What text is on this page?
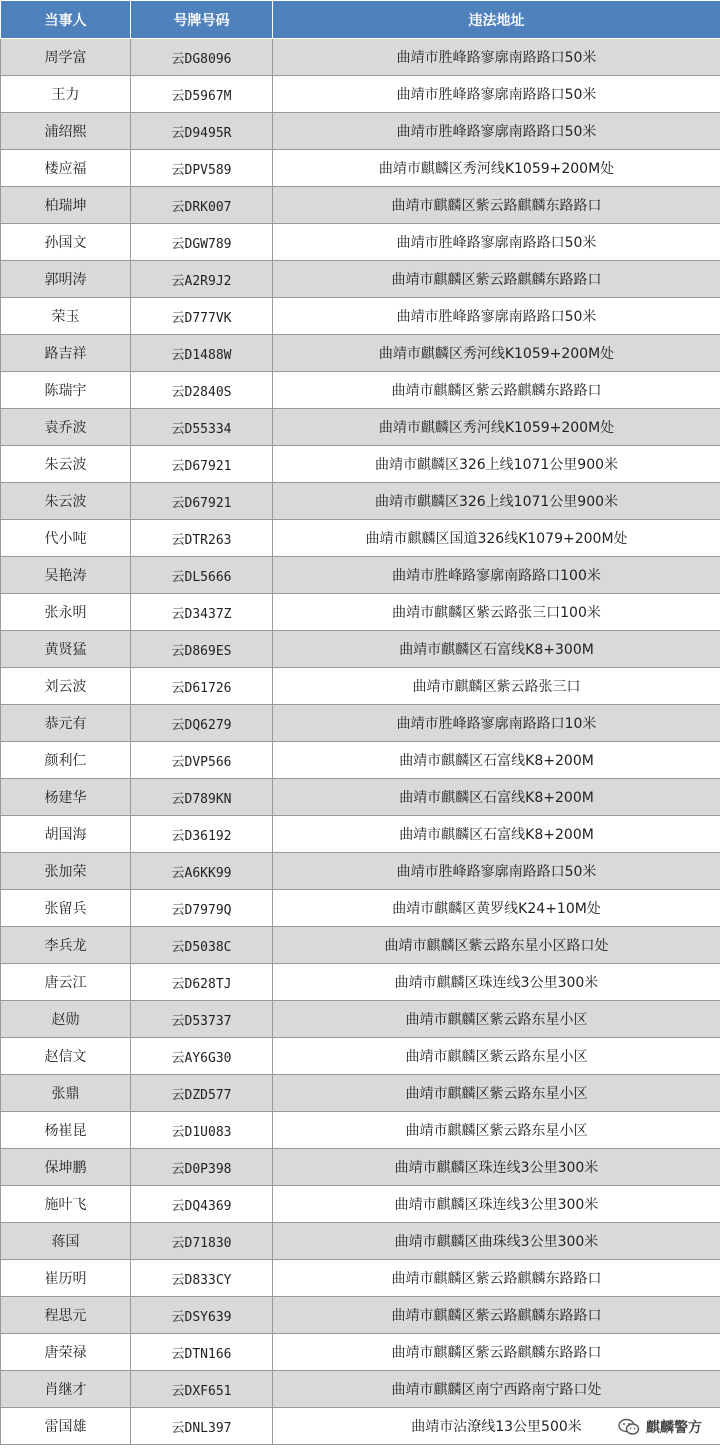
当事人	号牌号码	违法地址
周学富	云DG8096	曲靖市胜峰路寥廓南路路口50米
王力	云D5967M	曲靖市胜峰路寥廓南路路口50米
浦绍熙	云D9495R	曲靖市胜峰路寥廓南路路口50米
楼应福	云DPV589	曲靖市麒麟区秀河线K1059+200M处
柏瑞坤	云DRK007	曲靖市麒麟区紫云路麒麟东路路口
孙国文	云DGW789	曲靖市胜峰路寥廓南路路口50米
郭明涛	云A2R9J2	曲靖市麒麟区紫云路麒麟东路路口
荣玉	云D777VK	曲靖市胜峰路寥廓南路路口50米
路吉祥	云D1488W	曲靖市麒麟区秀河线K1059+200M处
陈瑞宇	云D2840S	曲靖市麒麟区紫云路麒麟东路路口
袁乔波	云D55334	曲靖市麒麟区秀河线K1059+200M处
朱云波	云D67921	曲靖市麒麟区326上线1071公里900米
朱云波	云D67921	曲靖市麒麟区326上线1071公里900米
代小吨	云DTR263	曲靖市麒麟区国道326线K1079+200M处
吴艳涛	云DL5666	曲靖市胜峰路寥廓南路路口100米
张永明	云D3437Z	曲靖市麒麟区紫云路张三口100米
黄贤猛	云D869ES	曲靖市麒麟区石富线K8+300M
刘云波	云D61726	曲靖市麒麟区紫云路张三口
恭元有	云DQ6279	曲靖市胜峰路寥廓南路路口10米
颜利仁	云DVP566	曲靖市麒麟区石富线K8+200M
杨建华	云D789KN	曲靖市麒麟区石富线K8+200M
胡国海	云D36192	曲靖市麒麟区石富线K8+200M
张加荣	云A6KK99	曲靖市胜峰路寥廓南路路口50米
张留兵	云D7979Q	曲靖市麒麟区黄罗线K24+10M处
李兵龙	云D5038C	曲靖市麒麟区紫云路东星小区路口处
唐云江	云D628TJ	曲靖市麒麟区珠连线3公里300米
赵勋	云D53737	曲靖市麒麟区紫云路东星小区
赵信文	云AY6G30	曲靖市麒麟区紫云路东星小区
张鼎	云DZD577	曲靖市麒麟区紫云路东星小区
杨崔昆	云D1U083	曲靖市麒麟区紫云路东星小区
保坤鹏	云D0P398	曲靖市麒麟区珠连线3公里300米
施叶飞	云DQ4369	曲靖市麒麟区珠连线3公里300米
蒋国	云D71830	曲靖市麒麟区曲珠线3公里300米
崔历明	云D833CY	曲靖市麒麟区紫云路麒麟东路路口
程思元	云DSY639	曲靖市麒麟区紫云路麒麟东路路口
唐荣禄	云DTN166	曲靖市麒麟区紫云路麒麟东路路口
肖继才	云DXF651	曲靖市麒麟区南宁西路南宁路口处
雷国雄	云DNL397	曲靖市沾潦线13公里500米	麒麟警方
